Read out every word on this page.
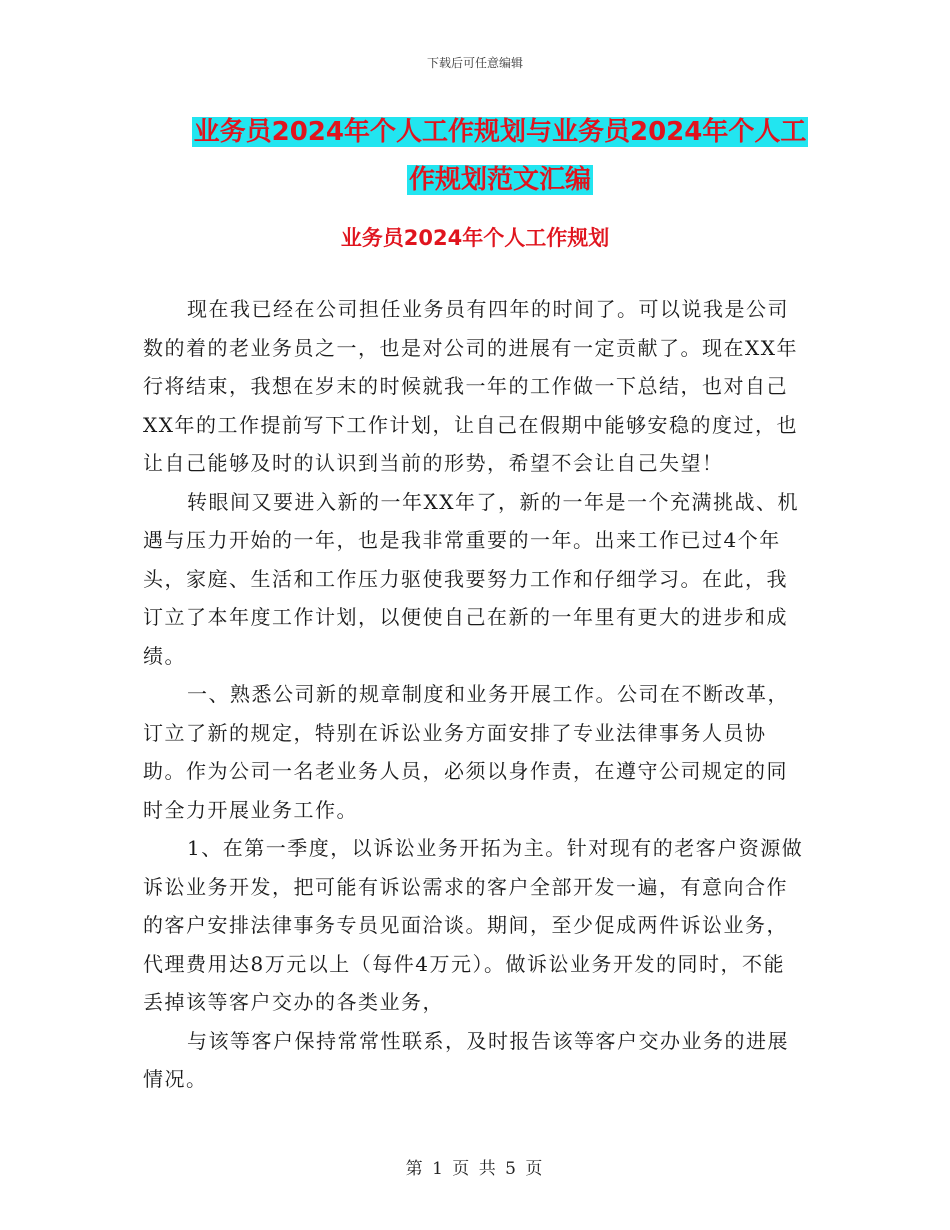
下载后可任意编辑
业务员2024年个人工作规划与业务员2024年个人工
作规划范文汇编
业务员2024年个人工作规划

现在我已经在公司担任业务员有四年的时间了。可以说我是公司数的着的老业务员之一，也是对公司的进展有一定贡献了。现在XX年行将结束，我想在岁末的时候就我一年的工作做一下总结，也对自己XX年的工作提前写下工作计划，让自己在假期中能够安稳的度过，也让自己能够及时的认识到当前的形势，希望不会让自己失望！

转眼间又要进入新的一年XX年了，新的一年是一个充满挑战、机遇与压力开始的一年，也是我非常重要的一年。出来工作已过4个年头，家庭、生活和工作压力驱使我要努力工作和仔细学习。在此，我订立了本年度工作计划，以便使自己在新的一年里有更大的进步和成绩。

一、熟悉公司新的规章制度和业务开展工作。公司在不断改革，订立了新的规定，特别在诉讼业务方面安排了专业法律事务人员协助。作为公司一名老业务人员，必须以身作责，在遵守公司规定的同时全力开展业务工作。

1、在第一季度，以诉讼业务开拓为主。针对现有的老客户资源做诉讼业务开发，把可能有诉讼需求的客户全部开发一遍，有意向合作的客户安排法律事务专员见面洽谈。期间，至少促成两件诉讼业务，代理费用达8万元以上（每件4万元）。做诉讼业务开发的同时，不能丢掉该等客户交办的各类业务，

与该等客户保持常常性联系，及时报告该等客户交办业务的进展情况。

第 1 页 共 5 页
